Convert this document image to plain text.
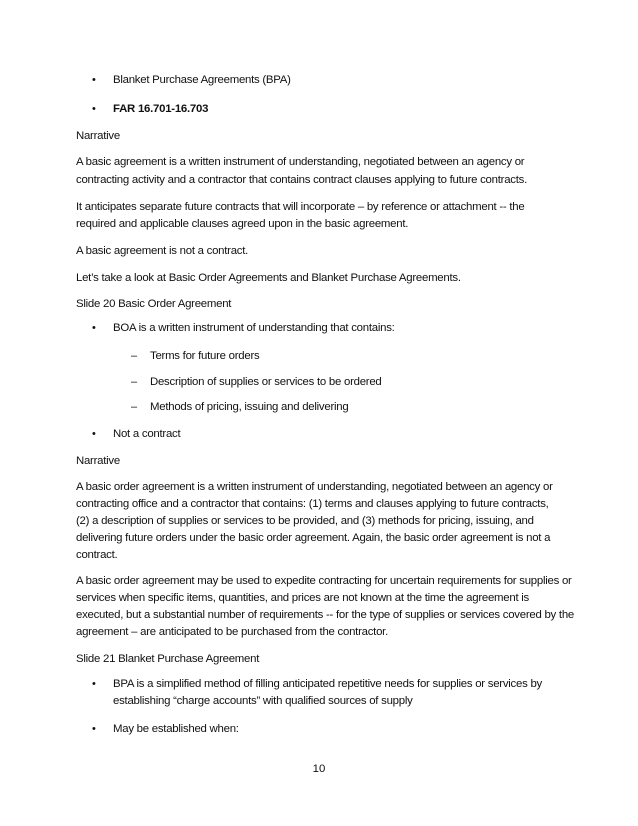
• Blanket Purchase Agreements (BPA)

• FAR 16.701-16.703

Narrative

A basic agreement is a written instrument of understanding, negotiated between an agency or

contracting activity and a contractor that contains contract clauses applying to future contracts.

It anticipates separate future contracts that will incorporate – by reference or attachment -- the

required and applicable clauses agreed upon in the basic agreement.

A basic agreement is not a contract.

Let’s take a look at Basic Order Agreements and Blanket Purchase Agreements.

Slide 20 Basic Order Agreement

• BOA is a written instrument of understanding that contains:

– Terms for future orders

– Description of supplies or services to be ordered

– Methods of pricing, issuing and delivering

• Not a contract

Narrative

A basic order agreement is a written instrument of understanding, negotiated between an agency or

contracting office and a contractor that contains: (1) terms and clauses applying to future contracts,

(2) a description of supplies or services to be provided, and (3) methods for pricing, issuing, and

delivering future orders under the basic order agreement. Again, the basic order agreement is not a

contract.

A basic order agreement may be used to expedite contracting for uncertain requirements for supplies or

services when specific items, quantities, and prices are not known at the time the agreement is

executed, but a substantial number of requirements -- for the type of supplies or services covered by the

agreement – are anticipated to be purchased from the contractor.

Slide 21 Blanket Purchase Agreement

• BPA is a simplified method of filling anticipated repetitive needs for supplies or services by

establishing “charge accounts” with qualified sources of supply

• May be established when:

10
